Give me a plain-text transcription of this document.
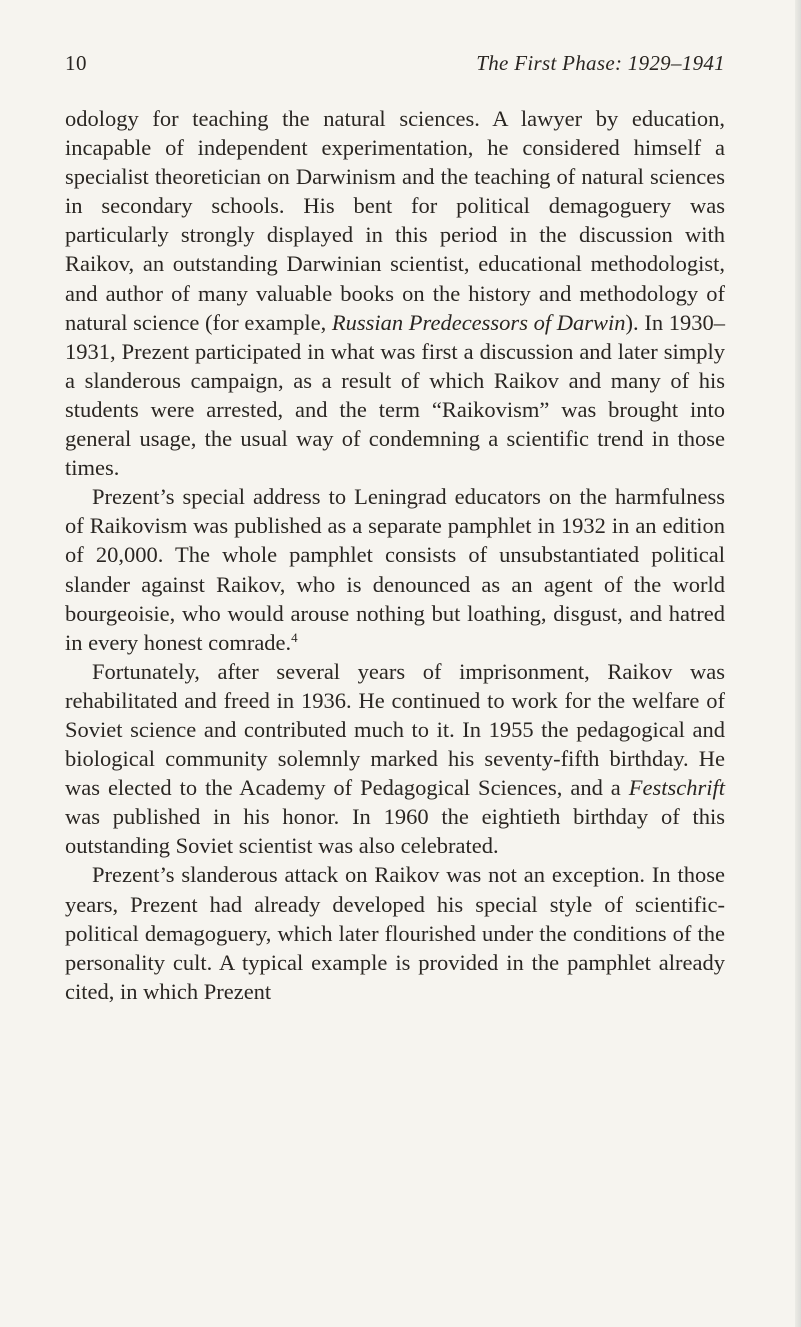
10	The First Phase: 1929–1941

odology for teaching the natural sciences. A lawyer by education, incapable of independent experimentation, he considered himself a specialist theoretician on Darwinism and the teaching of natural sciences in secondary schools. His bent for political demagoguery was particularly strongly displayed in this period in the discussion with Raikov, an outstanding Darwinian scientist, educational methodologist, and author of many valuable books on the history and methodology of natural science (for example, Russian Predecessors of Darwin). In 1930–1931, Prezent participated in what was first a discussion and later simply a slanderous campaign, as a result of which Raikov and many of his students were arrested, and the term “Raikovism” was brought into general usage, the usual way of condemning a scientific trend in those times.

Prezent’s special address to Leningrad educators on the harmfulness of Raikovism was published as a separate pamphlet in 1932 in an edition of 20,000. The whole pamphlet consists of unsubstantiated political slander against Raikov, who is denounced as an agent of the world bourgeoisie, who would arouse nothing but loathing, disgust, and hatred in every honest comrade.$^4$

Fortunately, after several years of imprisonment, Raikov was rehabilitated and freed in 1936. He continued to work for the welfare of Soviet science and contributed much to it. In 1955 the pedagogical and biological community solemnly marked his seventy-fifth birthday. He was elected to the Academy of Pedagogical Sciences, and a Festschrift was published in his honor. In 1960 the eightieth birthday of this outstanding Soviet scientist was also celebrated.

Prezent’s slanderous attack on Raikov was not an exception. In those years, Prezent had already developed his special style of scientific-political demagoguery, which later flourished under the conditions of the personality cult. A typical example is provided in the pamphlet already cited, in which Prezent
